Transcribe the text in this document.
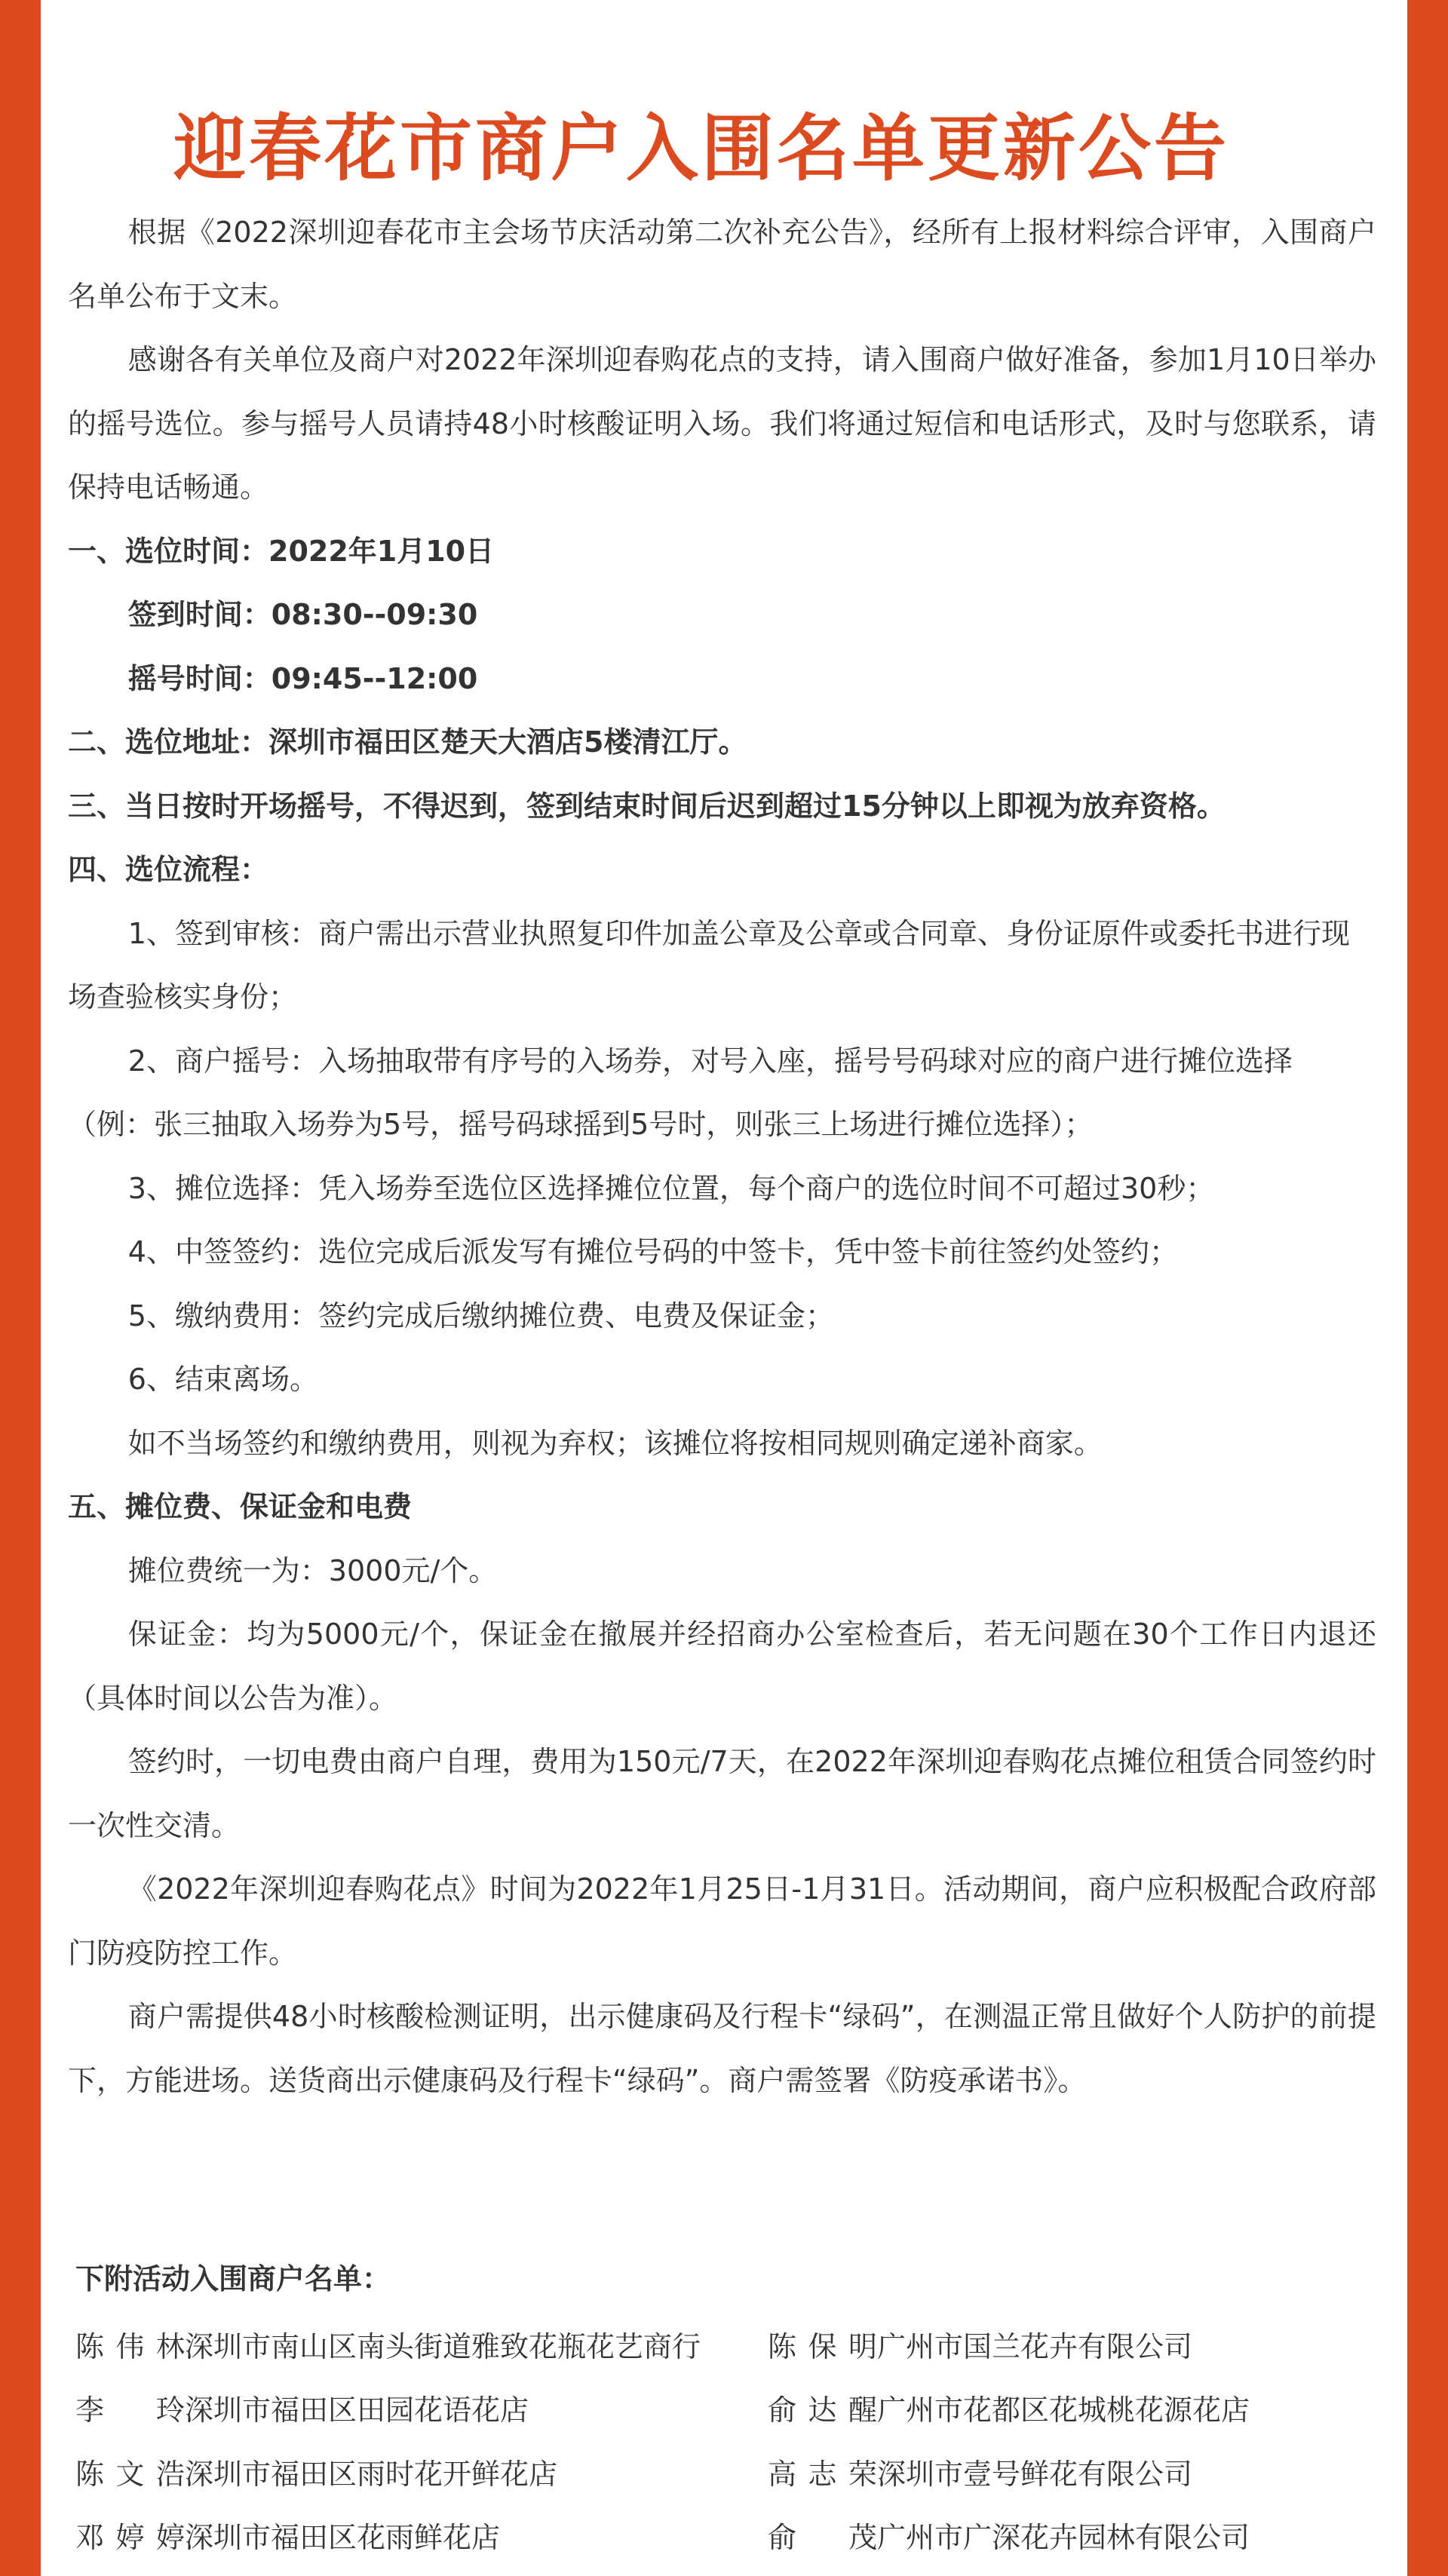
迎春花市商户入围名单更新公告

根据《2022深圳迎春花市主会场节庆活动第二次补充公告》，经所有上报材料综合评审，入围商户名单公布于文末。

感谢各有关单位及商户对2022年深圳迎春购花点的支持，请入围商户做好准备，参加1月10日举办的摇号选位。参与摇号人员请持48小时核酸证明入场。我们将通过短信和电话形式，及时与您联系，请保持电话畅通。

一、选位时间：2022年1月10日

签到时间：08:30--09:30

摇号时间：09:45--12:00

二、选位地址：深圳市福田区楚天大酒店5楼清江厅。

三、当日按时开场摇号，不得迟到，签到结束时间后迟到超过15分钟以上即视为放弃资格。

四、选位流程：

1、签到审核：商户需出示营业执照复印件加盖公章及公章或合同章、身份证原件或委托书进行现场查验核实身份；

2、商户摇号：入场抽取带有序号的入场券，对号入座，摇号号码球对应的商户进行摊位选择（例：张三抽取入场券为5号，摇号码球摇到5号时，则张三上场进行摊位选择）；

3、摊位选择：凭入场券至选位区选择摊位位置，每个商户的选位时间不可超过30秒；

4、中签签约：选位完成后派发写有摊位号码的中签卡，凭中签卡前往签约处签约；

5、缴纳费用：签约完成后缴纳摊位费、电费及保证金；

6、结束离场。

如不当场签约和缴纳费用，则视为弃权；该摊位将按相同规则确定递补商家。

五、摊位费、保证金和电费

摊位费统一为：3000元/个。

保证金：均为5000元/个，保证金在撤展并经招商办公室检查后，若无问题在30个工作日内退还（具体时间以公告为准）。

签约时，一切电费由商户自理，费用为150元/7天，在2022年深圳迎春购花点摊位租赁合同签约时一次性交清。

《2022年深圳迎春购花点》时间为2022年1月25日-1月31日。活动期间，商户应积极配合政府部门防疫防控工作。

商户需提供48小时核酸检测证明，出示健康码及行程卡“绿码”，在测温正常且做好个人防护的前提下，方能进场。送货商出示健康码及行程卡“绿码”。商户需签署《防疫承诺书》。

下附活动入围商户名单：

陈伟林 深圳市南山区南头街道雅致花瓶花艺商行 陈保明 广州市国兰花卉有限公司
李玲 深圳市福田区田园花语花店	俞达醒 广州市花都区花城桃花源花店
陈文浩 深圳市福田区雨时花开鲜花店	高志荣 深圳市壹号鲜花有限公司
邓婷婷 深圳市福田区花雨鲜花店	俞茂 广州市广深花卉园林有限公司
